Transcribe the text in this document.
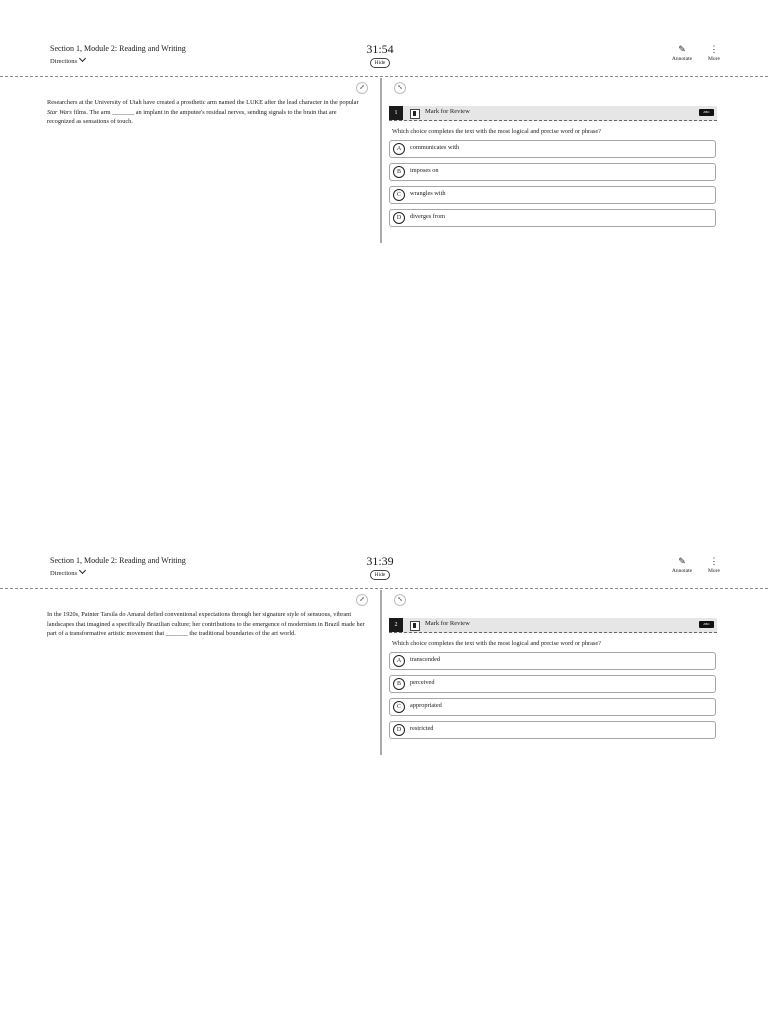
Section 1, Module 2: Reading and Writing
Directions
31:54
Hide
✎
Annotate
⋮
More
⤢
Researchers at the University of Utah have created a prosthetic arm named the LUKE after the lead character in the popular Star Wars films. The arm _______ an implant in the amputee's residual nerves, sending signals to the brain that are recognized as sensations of touch.
⤡
1	Mark for Review	ABC
Which choice completes the text with the most logical and precise word or phrase?
A	communicates with
B	imposes on
C	wrangles with
D	diverges from
Section 1, Module 2: Reading and Writing
Directions
31:39
Hide
✎
Annotate
⋮
More
⤢
In the 1920s, Painter Tarsila do Amaral defied conventional expectations through her signature style of sensuous, vibrant landscapes that imagined a specifically Brazilian culture; her contributions to the emergence of modernism in Brazil made her part of a transformative artistic movement that _______ the traditional boundaries of the art world.
⤡
2	Mark for Review	ABC
Which choice completes the text with the most logical and precise word or phrase?
A	transcended
B	perceived
C	appropriated
D	restricted
